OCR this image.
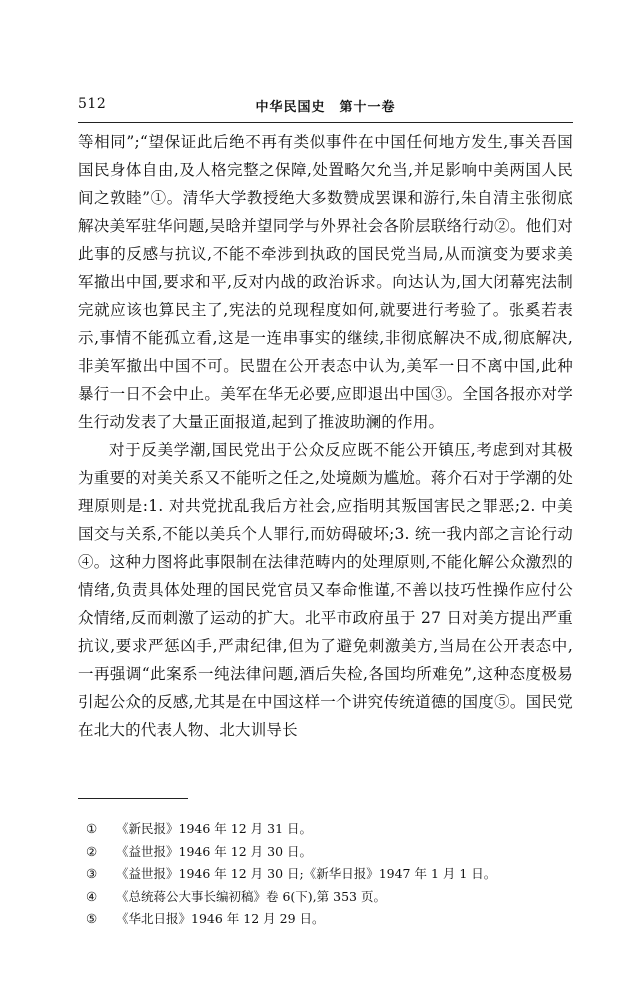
512	中华民国史　第十一卷

等相同”;“望保证此后绝不再有类似事件在中国任何地方发生,事关吾国国民身体自由,及人格完整之保障,处置略欠允当,并足影响中美两国人民间之敦睦”①。清华大学教授绝大多数赞成罢课和游行,朱自清主张彻底解决美军驻华问题,吴晗并望同学与外界社会各阶层联络行动②。他们对此事的反感与抗议,不能不牵涉到执政的国民党当局,从而演变为要求美军撤出中国,要求和平,反对内战的政治诉求。向达认为,国大闭幕宪法制完就应该也算民主了,宪法的兑现程度如何,就要进行考验了。张奚若表示,事情不能孤立看,这是一连串事实的继续,非彻底解决不成,彻底解决,非美军撤出中国不可。民盟在公开表态中认为,美军一日不离中国,此种暴行一日不会中止。美军在华无必要,应即退出中国③。全国各报亦对学生行动发表了大量正面报道,起到了推波助澜的作用。

对于反美学潮,国民党出于公众反应既不能公开镇压,考虑到对其极为重要的对美关系又不能听之任之,处境颇为尴尬。蒋介石对于学潮的处理原则是:1. 对共党扰乱我后方社会,应指明其叛国害民之罪恶;2. 中美国交与关系,不能以美兵个人罪行,而妨碍破坏;3. 统一我内部之言论行动④。这种力图将此事限制在法律范畴内的处理原则,不能化解公众激烈的情绪,负责具体处理的国民党官员又奉命惟谨,不善以技巧性操作应付公众情绪,反而刺激了运动的扩大。北平市政府虽于 27 日对美方提出严重抗议,要求严惩凶手,严肃纪律,但为了避免刺激美方,当局在公开表态中,一再强调“此案系一纯法律问题,酒后失检,各国均所难免”,这种态度极易引起公众的反感,尤其是在中国这样一个讲究传统道德的国度⑤。国民党在北大的代表人物、北大训导长

① 《新民报》1946 年 12 月 31 日。
② 《益世报》1946 年 12 月 30 日。
③ 《益世报》1946 年 12 月 30 日;《新华日报》1947 年 1 月 1 日。
④ 《总统蒋公大事长编初稿》卷 6(下),第 353 页。
⑤ 《华北日报》1946 年 12 月 29 日。
